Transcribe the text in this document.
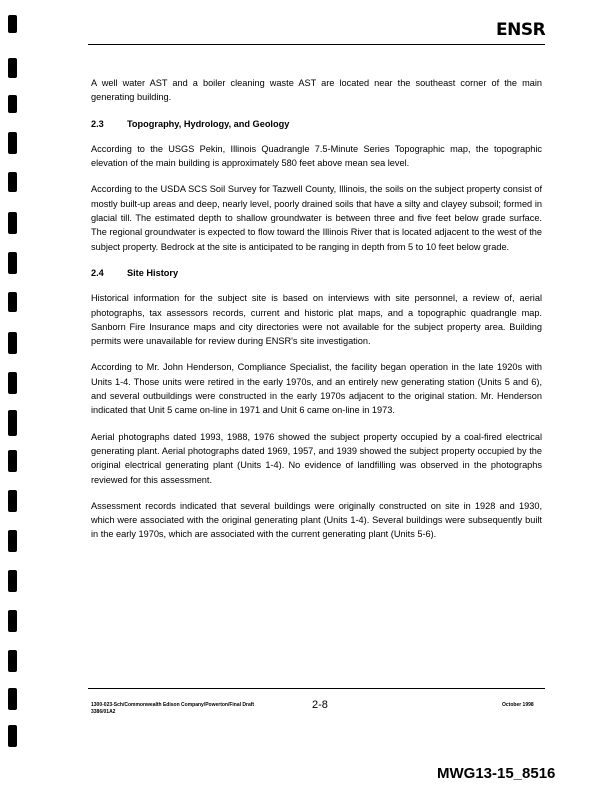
ENSR

A well water AST and a boiler cleaning waste AST are located near the southeast corner of the main generating building.

2.3	Topography, Hydrology, and Geology

According to the USGS Pekin, Illinois Quadrangle 7.5-Minute Series Topographic map, the topographic elevation of the main building is approximately 580 feet above mean sea level.

According to the USDA SCS Soil Survey for Tazwell County, Illinois, the soils on the subject property consist of mostly built-up areas and deep, nearly level, poorly drained soils that have a silty and clayey subsoil; formed in glacial till. The estimated depth to shallow groundwater is between three and five feet below grade surface. The regional groundwater is expected to flow toward the Illinois River that is located adjacent to the west of the subject property. Bedrock at the site is anticipated to be ranging in depth from 5 to 10 feet below grade.

2.4	Site History

Historical information for the subject site is based on interviews with site personnel, a review of, aerial photographs, tax assessors records, current and historic plat maps, and a topographic quadrangle map. Sanborn Fire Insurance maps and city directories were not available for the subject property area. Building permits were unavailable for review during ENSR's site investigation.

According to Mr. John Henderson, Compliance Specialist, the facility began operation in the late 1920s with Units 1-4. Those units were retired in the early 1970s, and an entirely new generating station (Units 5 and 6), and several outbuildings were constructed in the early 1970s adjacent to the original station. Mr. Henderson indicated that Unit 5 came on-line in 1971 and Unit 6 came on-line in 1973.

Aerial photographs dated 1993, 1988, 1976 showed the subject property occupied by a coal-fired electrical generating plant. Aerial photographs dated 1969, 1957, and 1939 showed the subject property occupied by the original electrical generating plant (Units 1-4). No evidence of landfilling was observed in the photographs reviewed for this assessment.

Assessment records indicated that several buildings were originally constructed on site in 1928 and 1930, which were associated with the original generating plant (Units 1-4). Several buildings were subsequently built in the early 1970s, which are associated with the current generating plant (Units 5-6).

1300-023-Sch/Commonwealth Edison Company/Powerton/Final Draft
3386/01A2
2-8	October 1998
MWG13-15_8516
